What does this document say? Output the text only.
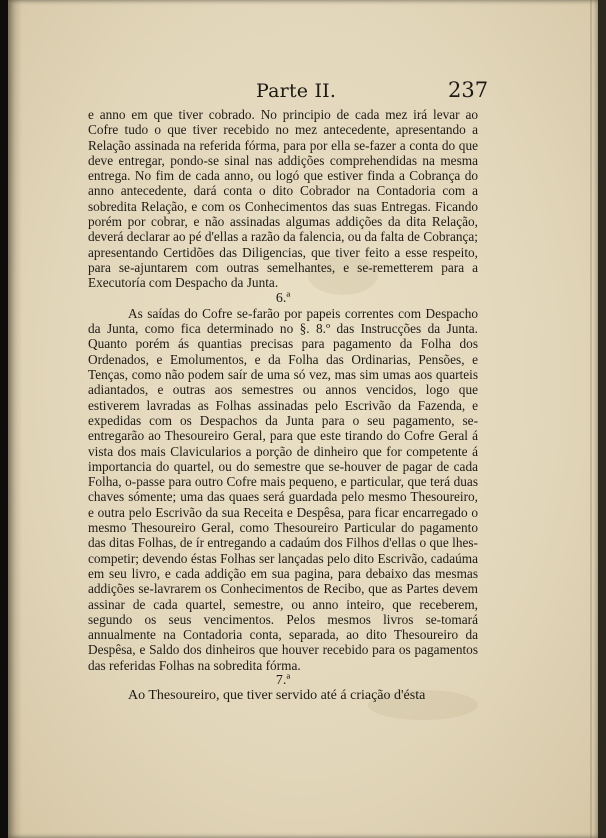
Parte II.	237

e anno em que tiver cobrado. No principio de cada mez irá levar ao Cofre tudo o que tiver recebido no mez antecedente, apresentando a Relação assinada na referida fórma, para por ella se-fazer a conta do que deve entregar, pondo-se sinal nas addições comprehendidas na mesma entrega. No fim de cada anno, ou logó que estiver finda a Cobrança do anno antecedente, dará conta o dito Cobrador na Contadoria com a sobredita Relação, e com os Conhecimentos das suas Entregas. Ficando porém por cobrar, e não assinadas algumas addições da dita Relação, deverá declarar ao pé d'ellas a razão da falencia, ou da falta de Cobrança; apresentando Certidões das Diligencias, que tiver feito a esse respeito, para se-ajuntarem com outras semelhantes, e se-remetterem para a Executoría com Despacho da Junta.

6.ª

As saídas do Cofre se-farão por papeis correntes com Despacho da Junta, como fica determinado no §. 8.º das Instrucções da Junta. Quanto porém ás quantias precisas para pagamento da Folha dos Ordenados, e Emolumentos, e da Folha das Ordinarias, Pensões, e Tenças, como não podem saír de uma só vez, mas sim umas aos quarteis adiantados, e outras aos semestres ou annos vencidos, logo que estiverem lavradas as Folhas assinadas pelo Escrivão da Fazenda, e expedidas com os Despachos da Junta para o seu pagamento, se-entregarão ao Thesoureiro Geral, para que este tirando do Cofre Geral á vista dos mais Clavicularios a porção de dinheiro que for competente á importancia do quartel, ou do semestre que se-houver de pagar de cada Folha, o-passe para outro Cofre mais pequeno, e particular, que terá duas chaves sómente; uma das quaes será guardada pelo mesmo Thesoureiro, e outra pelo Escrivão da sua Receita e Despêsa, para ficar encarregado o mesmo Thesoureiro Geral, como Thesoureiro Particular do pagamento das ditas Folhas, de ír entregando a cadaúm dos Filhos d'ellas o que lhes-competir; devendo éstas Folhas ser lançadas pelo dito Escrivão, cadaúma em seu livro, e cada addição em sua pagina, para debaixo das mesmas addições se-lavrarem os Conhecimentos de Recibo, que as Partes devem assinar de cada quartel, semestre, ou anno inteiro, que receberem, segundo os seus vencimentos. Pelos mesmos livros se-tomará annualmente na Contadoria conta, separada, ao dito Thesoureiro da Despêsa, e Saldo dos dinheiros que houver recebido para os pagamentos das referidas Folhas na sobredita fórma.

7.ª

Ao Thesoureiro, que tiver servido até á criação d'ésta
